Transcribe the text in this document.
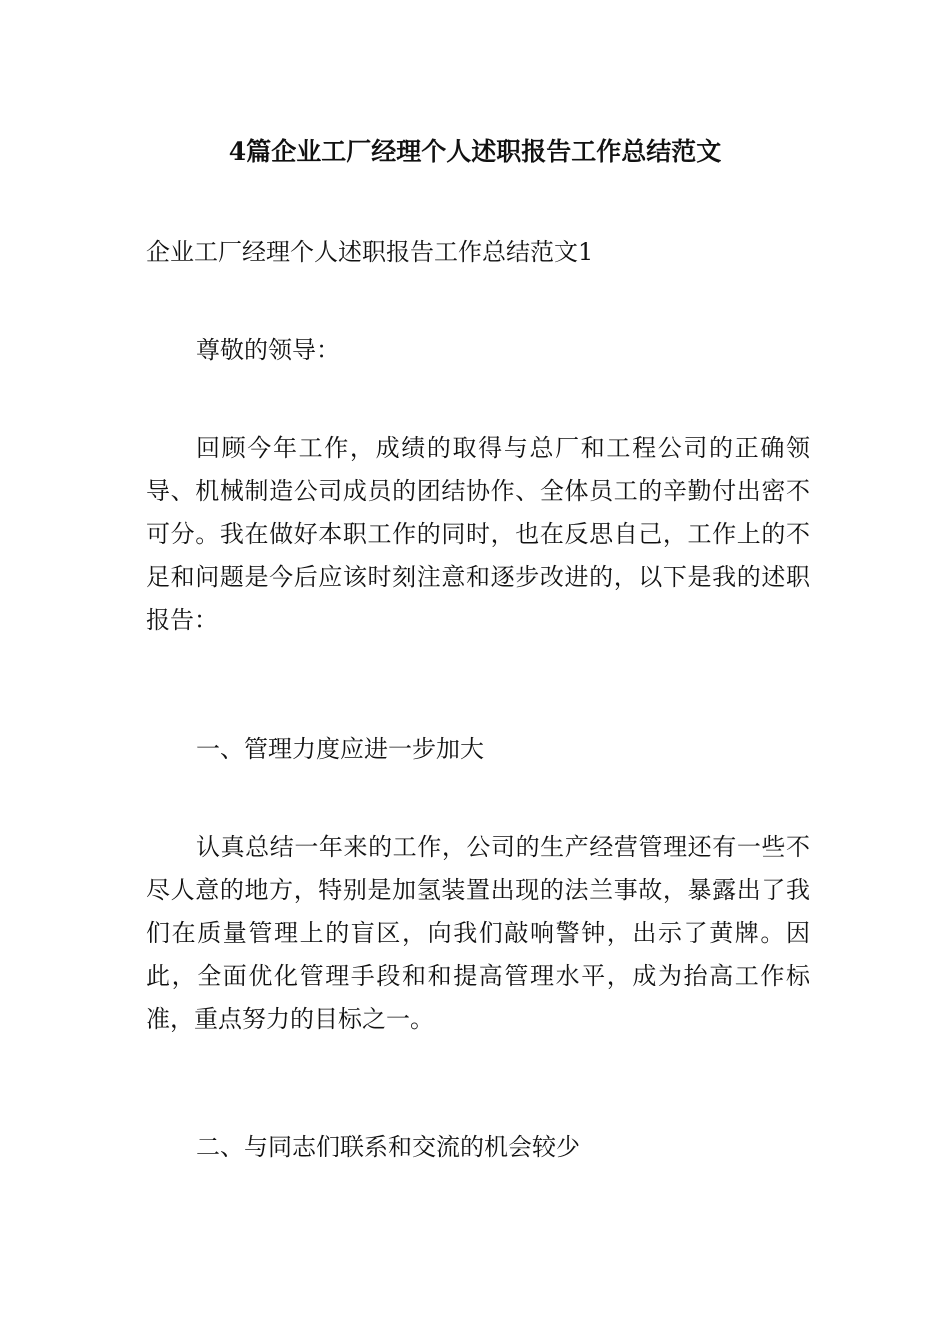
4篇企业工厂经理个人述职报告工作总结范文

企业工厂经理个人述职报告工作总结范文1

尊敬的领导：

回顾今年工作，成绩的取得与总厂和工程公司的正确领导、机械制造公司成员的团结协作、全体员工的辛勤付出密不可分。我在做好本职工作的同时，也在反思自己，工作上的不足和问题是今后应该时刻注意和逐步改进的，以下是我的述职报告：

一、管理力度应进一步加大

认真总结一年来的工作，公司的生产经营管理还有一些不尽人意的地方，特别是加氢装置出现的法兰事故，暴露出了我们在质量管理上的盲区，向我们敲响警钟，出示了黄牌。因此，全面优化管理手段和和提高管理水平，成为抬高工作标准，重点努力的目标之一。

二、与同志们联系和交流的机会较少
